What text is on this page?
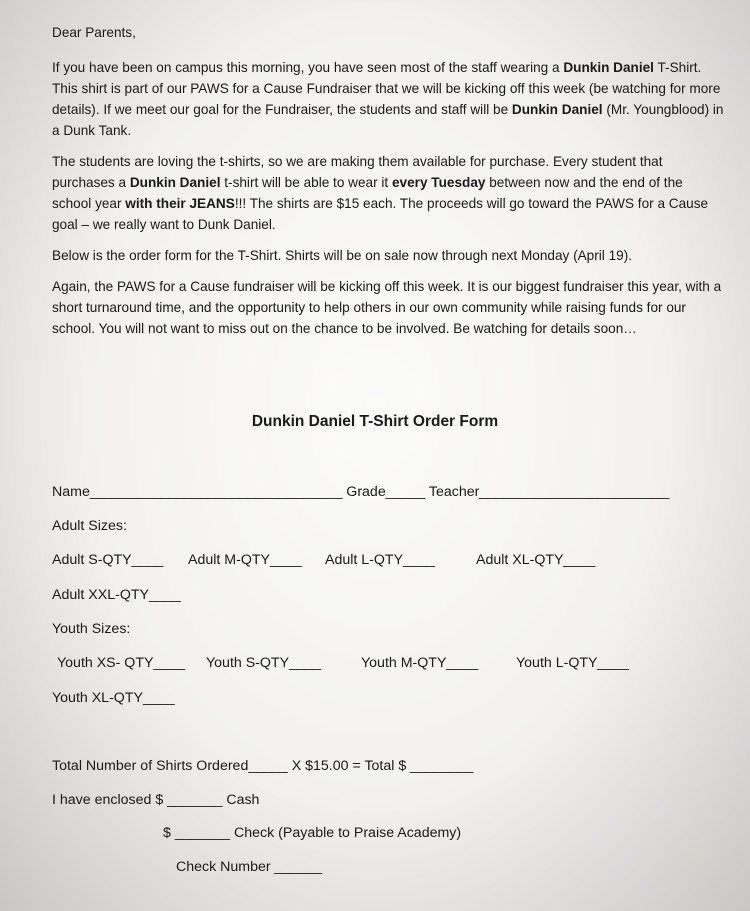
Dear Parents,

If you have been on campus this morning, you have seen most of the staff wearing a Dunkin Daniel T-Shirt. This shirt is part of our PAWS for a Cause Fundraiser that we will be kicking off this week (be watching for more details). If we meet our goal for the Fundraiser, the students and staff will be Dunkin Daniel (Mr. Youngblood) in a Dunk Tank.

The students are loving the t-shirts, so we are making them available for purchase. Every student that purchases a Dunkin Daniel t-shirt will be able to wear it every Tuesday between now and the end of the school year with their JEANS!!! The shirts are $15 each. The proceeds will go toward the PAWS for a Cause goal – we really want to Dunk Daniel.

Below is the order form for the T-Shirt. Shirts will be on sale now through next Monday (April 19).

Again, the PAWS for a Cause fundraiser will be kicking off this week. It is our biggest fundraiser this year, with a short turnaround time, and the opportunity to help others in our own community while raising funds for our school. You will not want to miss out on the chance to be involved. Be watching for details soon…

Dunkin Daniel T-Shirt Order Form
Name________________________________ Grade_____ Teacher________________________
Adult Sizes:
Adult S-QTY____ Adult M-QTY____ Adult L-QTY____	Adult XL-QTY____
Adult XXL-QTY____
Youth Sizes:
Youth XS- QTY____ Youth S-QTY____	Youth M-QTY____	Youth L-QTY____
Youth XL-QTY____
Total Number of Shirts Ordered_____ X $15.00 = Total $ ________
I have enclosed $ _______ Cash
$ _______ Check (Payable to Praise Academy)
Check Number ______
